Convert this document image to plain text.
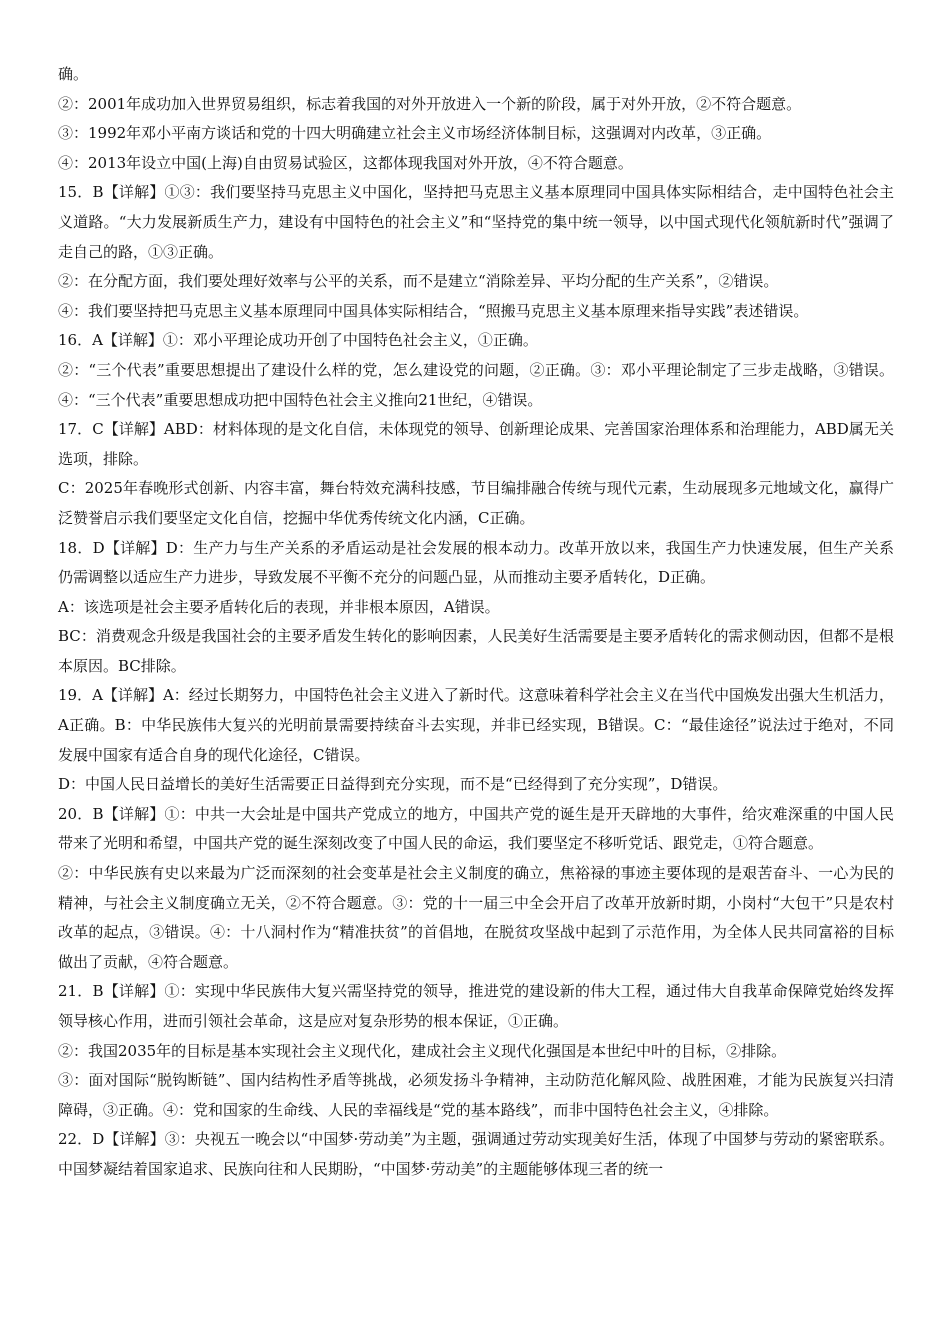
确。

②：2001年成功加入世界贸易组织，标志着我国的对外开放进入一个新的阶段，属于对外开放，②不符合题意。

③：1992年邓小平南方谈话和党的十四大明确建立社会主义市场经济体制目标，这强调对内改革，③正确。

④：2013年设立中国(上海)自由贸易试验区，这都体现我国对外开放，④不符合题意。

15．B【详解】①③：我们要坚持马克思主义中国化，坚持把马克思主义基本原理同中国具体实际相结合，走中国特色社会主义道路。“大力发展新质生产力，建设有中国特色的社会主义”和“坚持党的集中统一领导，以中国式现代化领航新时代”强调了走自己的路，①③正确。

②：在分配方面，我们要处理好效率与公平的关系，而不是建立“消除差异、平均分配的生产关系”，②错误。

④：我们要坚持把马克思主义基本原理同中国具体实际相结合，“照搬马克思主义基本原理来指导实践”表述错误。

16．A【详解】①：邓小平理论成功开创了中国特色社会主义，①正确。

②：“三个代表”重要思想提出了建设什么样的党，怎么建设党的问题，②正确。③：邓小平理论制定了三步走战略，③错误。④：“三个代表”重要思想成功把中国特色社会主义推向21世纪，④错误。

17．C【详解】ABD：材料体现的是文化自信，未体现党的领导、创新理论成果、完善国家治理体系和治理能力，ABD属无关选项，排除。

C：2025年春晚形式创新、内容丰富，舞台特效充满科技感，节目编排融合传统与现代元素，生动展现多元地域文化，赢得广泛赞誉启示我们要坚定文化自信，挖掘中华优秀传统文化内涵，C正确。

18．D【详解】D：生产力与生产关系的矛盾运动是社会发展的根本动力。改革开放以来，我国生产力快速发展，但生产关系仍需调整以适应生产力进步，导致发展不平衡不充分的问题凸显，从而推动主要矛盾转化，D正确。

A：该选项是社会主要矛盾转化后的表现，并非根本原因，A错误。

BC：消费观念升级是我国社会的主要矛盾发生转化的影响因素，人民美好生活需要是主要矛盾转化的需求侧动因，但都不是根本原因。BC排除。

19．A【详解】A：经过长期努力，中国特色社会主义进入了新时代。这意味着科学社会主义在当代中国焕发出强大生机活力，A正确。B：中华民族伟大复兴的光明前景需要持续奋斗去实现，并非已经实现，B错误。C：“最佳途径”说法过于绝对，不同发展中国家有适合自身的现代化途径，C错误。

D：中国人民日益增长的美好生活需要正日益得到充分实现，而不是“已经得到了充分实现”，D错误。

20．B【详解】①：中共一大会址是中国共产党成立的地方，中国共产党的诞生是开天辟地的大事件，给灾难深重的中国人民带来了光明和希望，中国共产党的诞生深刻改变了中国人民的命运，我们要坚定不移听党话、跟党走，①符合题意。

②：中华民族有史以来最为广泛而深刻的社会变革是社会主义制度的确立，焦裕禄的事迹主要体现的是艰苦奋斗、一心为民的精神，与社会主义制度确立无关，②不符合题意。③：党的十一届三中全会开启了改革开放新时期，小岗村“大包干”只是农村改革的起点，③错误。④：十八洞村作为“精准扶贫”的首倡地，在脱贫攻坚战中起到了示范作用，为全体人民共同富裕的目标做出了贡献，④符合题意。

21．B【详解】①：实现中华民族伟大复兴需坚持党的领导，推进党的建设新的伟大工程，通过伟大自我革命保障党始终发挥领导核心作用，进而引领社会革命，这是应对复杂形势的根本保证，①正确。

②：我国2035年的目标是基本实现社会主义现代化，建成社会主义现代化强国是本世纪中叶的目标，②排除。

③：面对国际“脱钩断链”、国内结构性矛盾等挑战，必须发扬斗争精神，主动防范化解风险、战胜困难，才能为民族复兴扫清障碍，③正确。④：党和国家的生命线、人民的幸福线是“党的基本路线”，而非中国特色社会主义，④排除。

22．D【详解】③：央视五一晚会以“中国梦·劳动美”为主题，强调通过劳动实现美好生活，体现了中国梦与劳动的紧密联系。中国梦凝结着国家追求、民族向往和人民期盼，“中国梦·劳动美”的主题能够体现三者的统一
